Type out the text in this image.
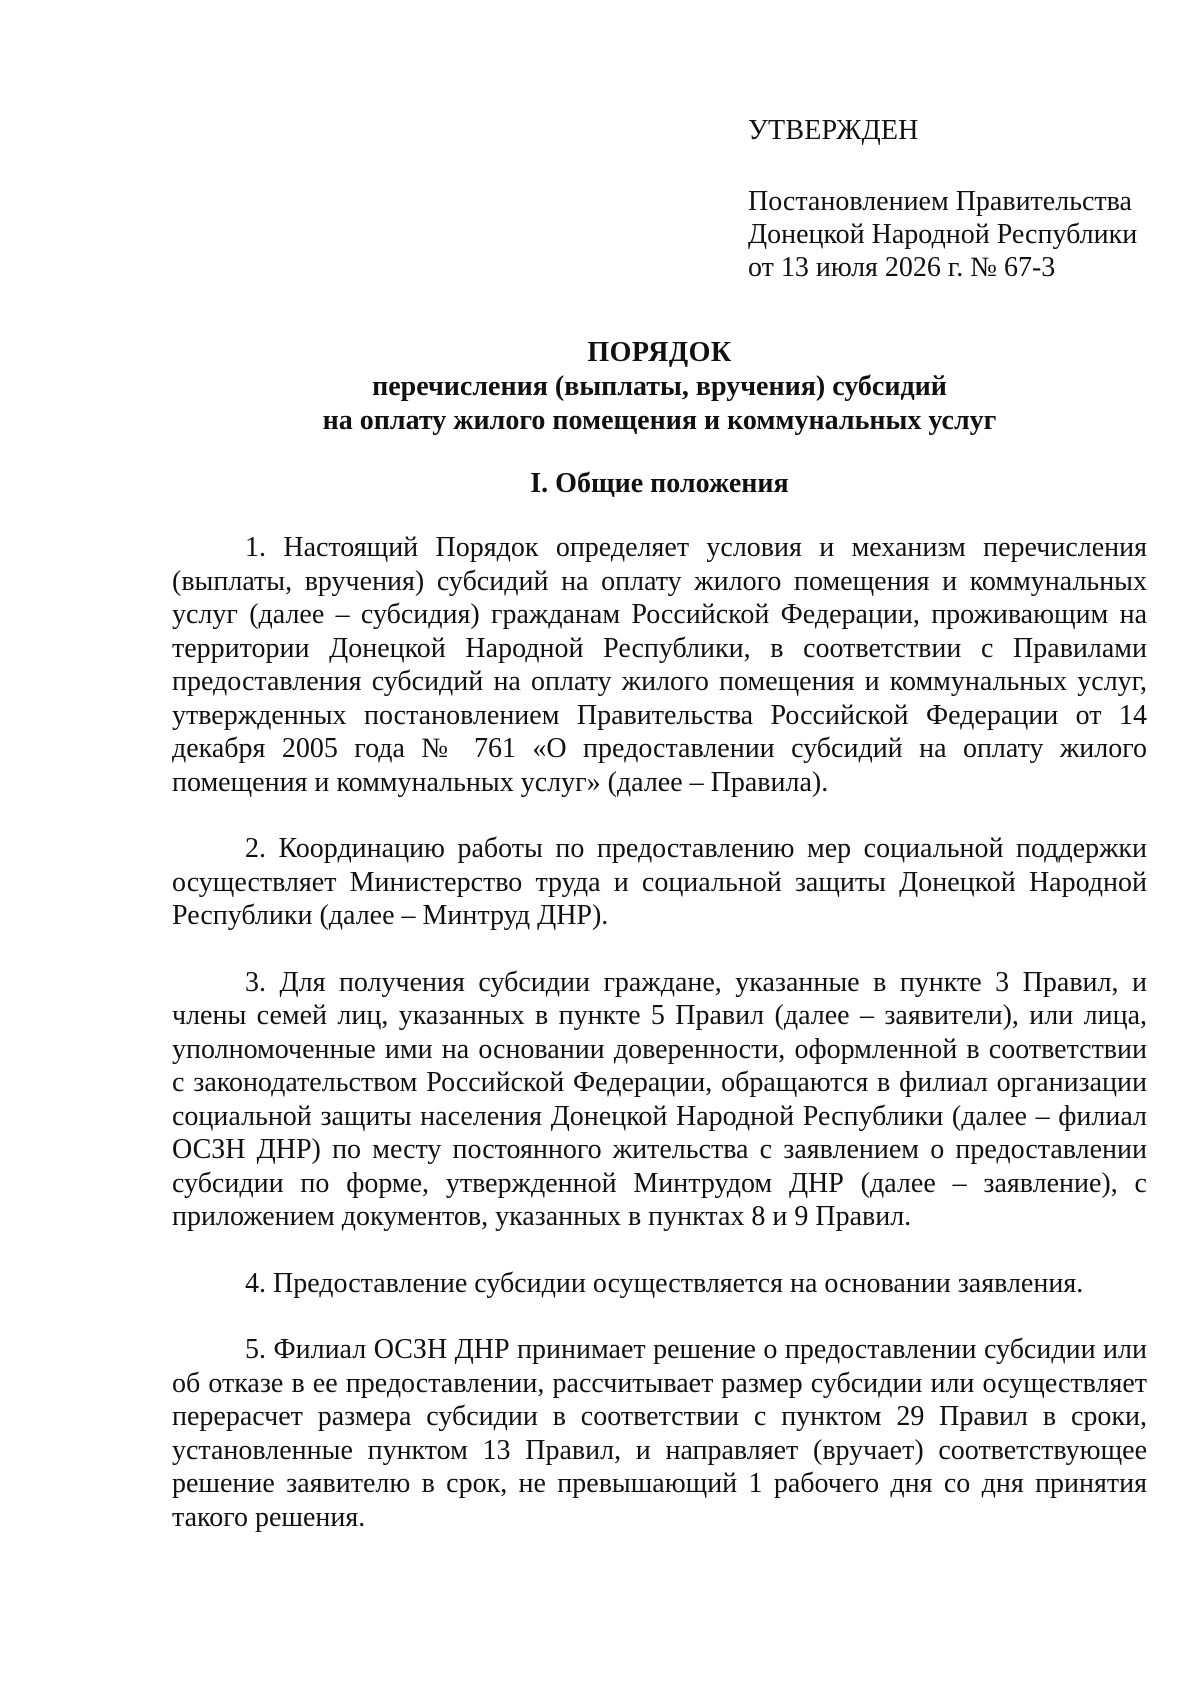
УТВЕРЖДЕН
Постановлением Правительства
Донецкой Народной Республики
от 13 июля 2026 г. № 67-3
ПОРЯДОК
перечисления (выплаты, вручения) субсидий
на оплату жилого помещения и коммунальных услуг
I. Общие положения

1. Настоящий Порядок определяет условия и механизм перечисления (выплаты, вручения) субсидий на оплату жилого помещения и коммунальных услуг (далее – субсидия) гражданам Российской Федерации, проживающим на территории Донецкой Народной Республики, в соответствии с Правилами предоставления субсидий на оплату жилого помещения и коммунальных услуг, утвержденных постановлением Правительства Российской Федерации от 14 декабря 2005 года № 761 «О предоставлении субсидий на оплату жилого помещения и коммунальных услуг» (далее – Правила).

2. Координацию работы по предоставлению мер социальной поддержки осуществляет Министерство труда и социальной защиты Донецкой Народной Республики (далее – Минтруд ДНР).

3. Для получения субсидии граждане, указанные в пункте 3 Правил, и члены семей лиц, указанных в пункте 5 Правил (далее – заявители), или лица, уполномоченные ими на основании доверенности, оформленной в соответствии с законодательством Российской Федерации, обращаются в филиал организации социальной защиты населения Донецкой Народной Республики (далее – филиал ОСЗН ДНР) по месту постоянного жительства с заявлением о предоставлении субсидии по форме, утвержденной Минтрудом ДНР (далее – заявление), с приложением документов, указанных в пунктах 8 и 9 Правил.

4. Предоставление субсидии осуществляется на основании заявления.

5. Филиал ОСЗН ДНР принимает решение о предоставлении субсидии или об отказе в ее предоставлении, рассчитывает размер субсидии или осуществляет перерасчет размера субсидии в соответствии с пунктом 29 Правил в сроки, установленные пунктом 13 Правил, и направляет (вручает) соответствующее решение заявителю в срок, не превышающий 1 рабочего дня со дня принятия такого решения.
